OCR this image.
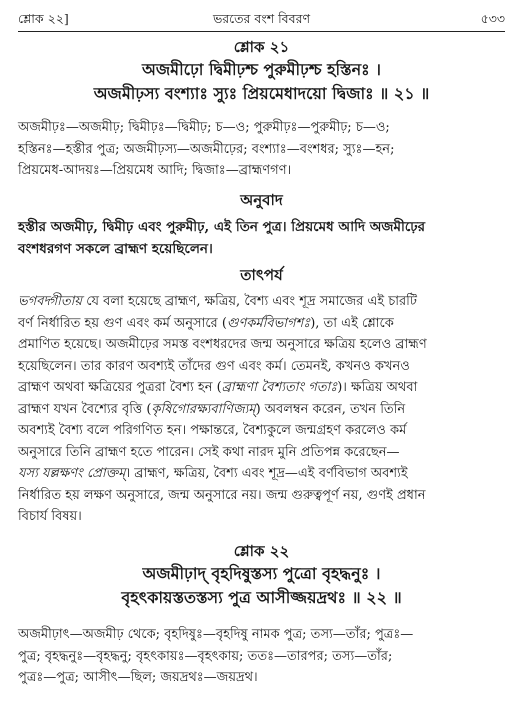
শ্লোক ২২]	ভরতের বংশ বিবরণ	৫৩৩
শ্লোক ২১
অজমীঢ়ো দ্বিমীঢ়শ্চ পুরুমীঢ়শ্চ হস্তিনঃ ।
অজমীঢ়স্য বংশ্যাঃ স্যুঃ প্রিয়মেধাদয়ো দ্বিজাঃ ॥ ২১ ॥
অজমীঢ়ঃ—অজমীঢ়; দ্বিমীঢ়ঃ—দ্বিমীঢ়; চ—ও; পুরুমীঢ়ঃ—পুরুমীঢ়; চ—ও;
হস্তিনঃ—হস্তীর পুত্র; অজমীঢ়স্য—অজমীঢ়ের; বংশ্যাঃ—বংশধর; স্যুঃ—হন;
প্রিয়মেধ-আদয়ঃ—প্রিয়মেধ আদি; দ্বিজাঃ—ব্রাহ্মণগণ।
অনুবাদ
হস্তীর অজমীঢ়, দ্বিমীঢ় এবং পুরুমীঢ়, এই তিন পুত্র। প্রিয়মেধ আদি অজমীঢ়ের
বংশধরগণ সকলে ব্রাহ্মণ হয়েছিলেন।
তাৎপর্য
ভগবদ্গীতায় যে বলা হয়েছে ব্রাহ্মণ, ক্ষত্রিয়, বৈশ্য এবং শূদ্র সমাজের এই চারটি
বর্ণ নির্ধারিত হয় গুণ এবং কর্ম অনুসারে (গুণকর্মবিভাগশঃ), তা এই শ্লোকে
প্রমাণিত হয়েছে। অজমীঢ়ের সমস্ত বংশধরদের জন্ম অনুসারে ক্ষত্রিয় হলেও ব্রাহ্মণ
হয়েছিলেন। তার কারণ অবশ্যই তাঁদের গুণ এবং কর্ম। তেমনই, কখনও কখনও
ব্রাহ্মণ অথবা ক্ষত্রিয়ের পুত্ররা বৈশ্য হন (ব্রাহ্মণা বৈশ্যতাং গতাঃ)। ক্ষত্রিয় অথবা
ব্রাহ্মণ যখন বৈশ্যের বৃত্তি (কৃষিগোরক্ষ্যবাণিজ্যম্) অবলম্বন করেন, তখন তিনি
অবশ্যই বৈশ্য বলে পরিগণিত হন। পক্ষান্তরে, বৈশ্যকুলে জন্মগ্রহণ করলেও কর্ম
অনুসারে তিনি ব্রাহ্মণ হতে পারেন। সেই কথা নারদ মুনি প্রতিপন্ন করেছেন—
যস্য যল্লক্ষণং প্রোক্তম্। ব্রাহ্মণ, ক্ষত্রিয়, বৈশ্য এবং শূদ্র—এই বর্ণবিভাগ অবশ্যই
নির্ধারিত হয় লক্ষণ অনুসারে, জন্ম অনুসারে নয়। জন্ম গুরুত্বপূর্ণ নয়, গুণই প্রধান
বিচার্য বিষয়।
শ্লোক ২২
অজমীঢ়াদ্ বৃহদিষুস্তস্য পুত্রো বৃহদ্ধনুঃ ।
বৃহৎকায়স্ততস্তস্য পুত্র আসীজ্জয়দ্রথঃ ॥ ২২ ॥
অজমীঢ়াৎ—অজমীঢ় থেকে; বৃহদিষুঃ—বৃহদিষু নামক পুত্র; তস্য—তাঁর; পুত্রঃ—
পুত্র; বৃহদ্ধনুঃ—বৃহদ্ধনু; বৃহৎকায়ঃ—বৃহৎকায়; ততঃ—তারপর; তস্য—তাঁর;
পুত্রঃ—পুত্র; আসীৎ—ছিল; জয়দ্রথঃ—জয়দ্রথ।
